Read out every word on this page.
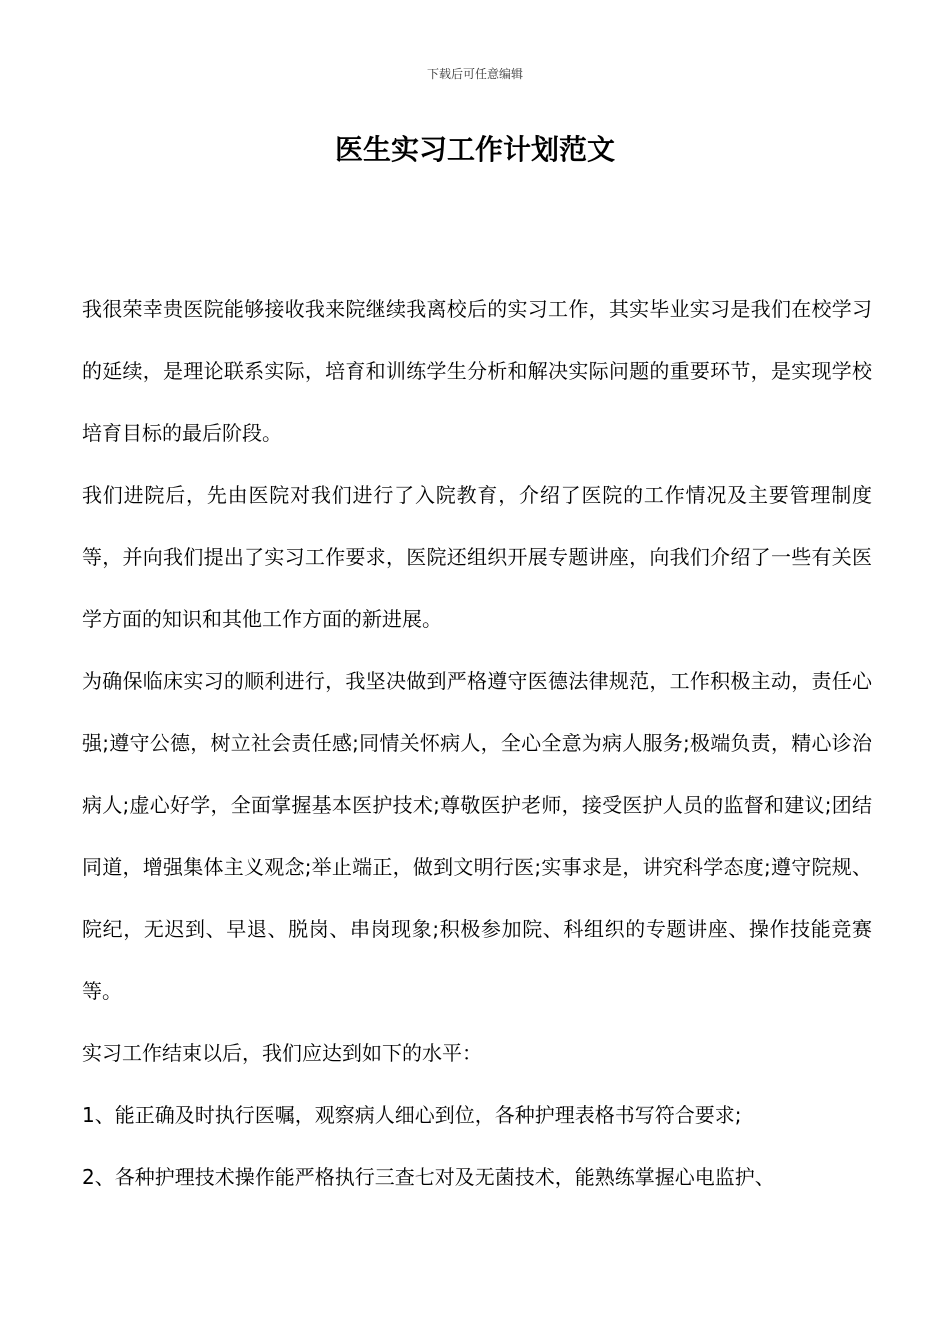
下载后可任意编辑
医生实习工作计划范文

我很荣幸贵医院能够接收我来院继续我离校后的实习工作，其实毕业实习是我们在校学习的延续，是理论联系实际，培育和训练学生分析和解决实际问题的重要环节，是实现学校培育目标的最后阶段。

我们进院后，先由医院对我们进行了入院教育，介绍了医院的工作情况及主要管理制度等，并向我们提出了实习工作要求，医院还组织开展专题讲座，向我们介绍了一些有关医学方面的知识和其他工作方面的新进展。

为确保临床实习的顺利进行，我坚决做到严格遵守医德法律规范，工作积极主动，责任心强;遵守公德，树立社会责任感;同情关怀病人，全心全意为病人服务;极端负责，精心诊治病人;虚心好学，全面掌握基本医护技术;尊敬医护老师，接受医护人员的监督和建议;团结同道，增强集体主义观念;举止端正，做到文明行医;实事求是，讲究科学态度;遵守院规、院纪，无迟到、早退、脱岗、串岗现象;积极参加院、科组织的专题讲座、操作技能竞赛等。

实习工作结束以后，我们应达到如下的水平：

1、能正确及时执行医嘱，观察病人细心到位，各种护理表格书写符合要求;

2、各种护理技术操作能严格执行三查七对及无菌技术，能熟练掌握心电监护、
